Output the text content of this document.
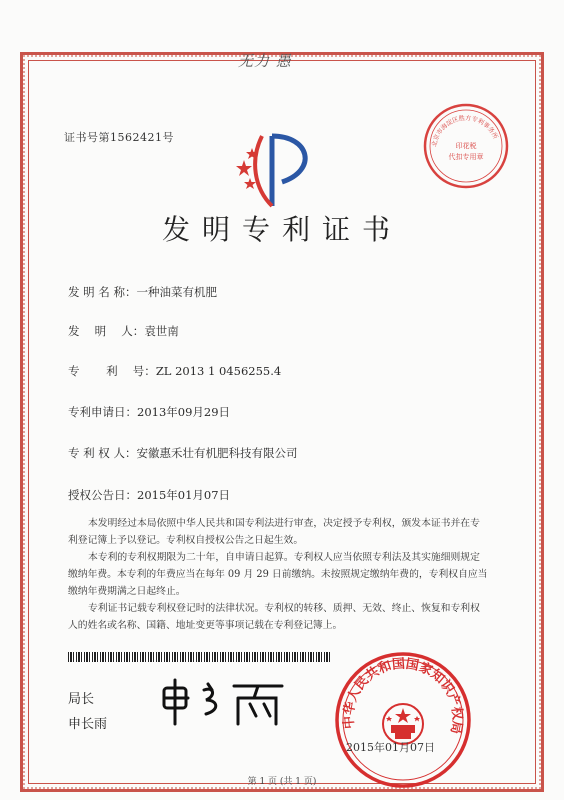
无力 愚
证书号第1562421号	北京市海淀区胜方专利事务所
印花税
代扣专用章
发明专利证书
发 明 名 称：一种油菜有机肥
发　 明　 人：袁世南
专　　 利　 号：ZL 2013 1 0456255.4
专利申请日：2013年09月29日
专 利 权 人：安徽惠禾壮有机肥科技有限公司
授权公告日：2015年01月07日

本发明经过本局依照中华人民共和国专利法进行审查，决定授予专利权，颁发本证书并在专利登记簿上予以登记。专利权自授权公告之日起生效。

本专利的专利权期限为二十年，自申请日起算。专利权人应当依照专利法及其实施细则规定缴纳年费。本专利的年费应当在每年 09 月 29 日前缴纳。未按照规定缴纳年费的，专利权自应当缴纳年费期满之日起终止。

专利证书记载专利权登记时的法律状况。专利权的转移、质押、无效、终止、恢复和专利权人的姓名或名称、国籍、地址变更等事项记载在专利登记簿上。

局长
申长雨	中华人民共和国国家知识产权局
2015年01月07日
第 1 页 (共 1 页)
